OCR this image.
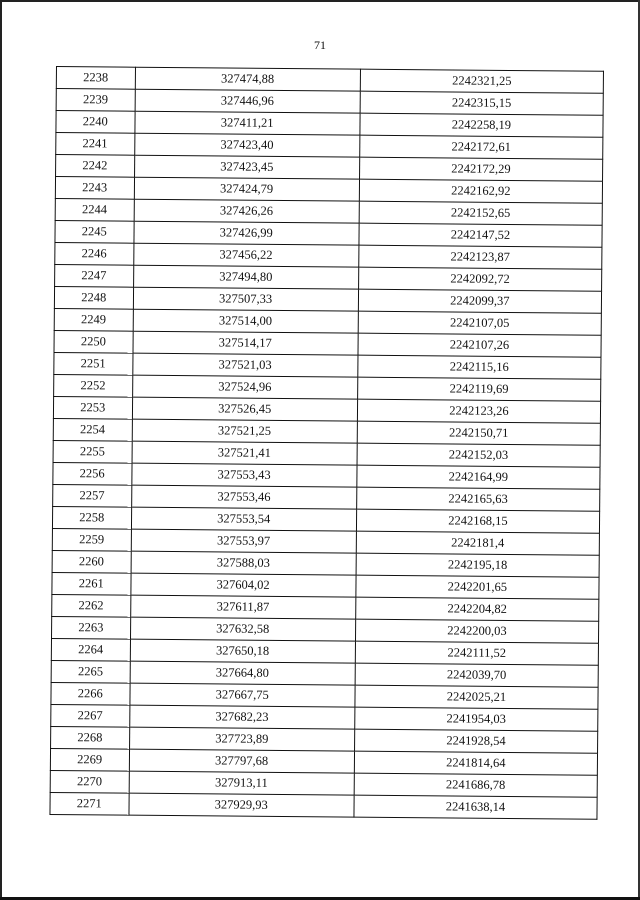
71
2238	327474,88	2242321,25
2239	327446,96	2242315,15
2240	327411,21	2242258,19
2241	327423,40	2242172,61
2242	327423,45	2242172,29
2243	327424,79	2242162,92
2244	327426,26	2242152,65
2245	327426,99	2242147,52
2246	327456,22	2242123,87
2247	327494,80	2242092,72
2248	327507,33	2242099,37
2249	327514,00	2242107,05
2250	327514,17	2242107,26
2251	327521,03	2242115,16
2252	327524,96	2242119,69
2253	327526,45	2242123,26
2254	327521,25	2242150,71
2255	327521,41	2242152,03
2256	327553,43	2242164,99
2257	327553,46	2242165,63
2258	327553,54	2242168,15
2259	327553,97	2242181,4
2260	327588,03	2242195,18
2261	327604,02	2242201,65
2262	327611,87	2242204,82
2263	327632,58	2242200,03
2264	327650,18	2242111,52
2265	327664,80	2242039,70
2266	327667,75	2242025,21
2267	327682,23	2241954,03
2268	327723,89	2241928,54
2269	327797,68	2241814,64
2270	327913,11	2241686,78
2271	327929,93	2241638,14
